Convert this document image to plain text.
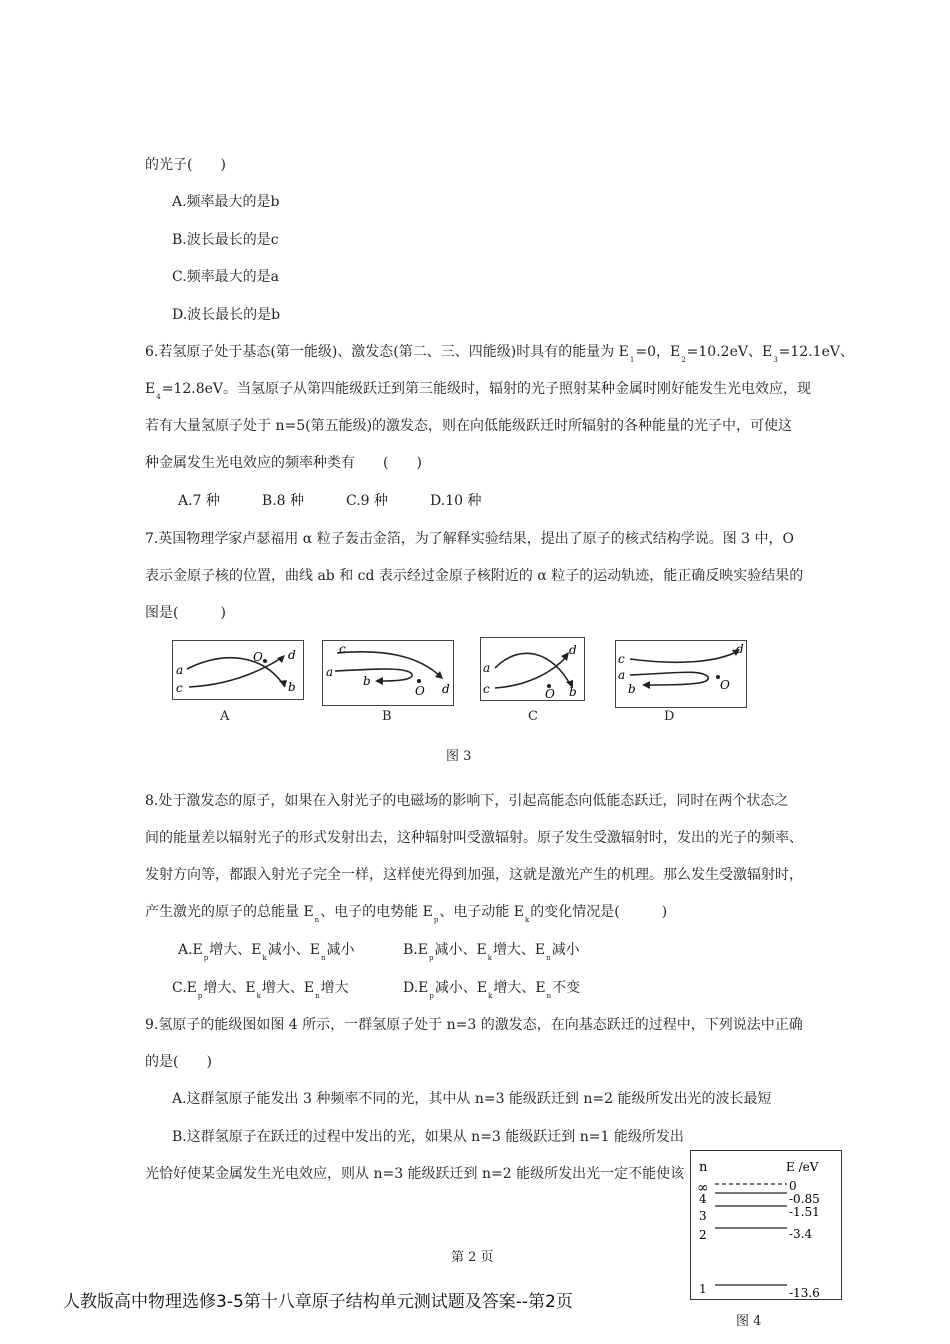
的光子(　　)
A.频率最大的是b
B.波长最长的是c
C.频率最大的是a
D.波长最长的是b
6.若氢原子处于基态(第一能级)、激发态(第二、三、四能级)时具有的能量为 $E_1=0$，$E_2=10.2eV$、$E_3=12.1eV$、
$E_4=12.8eV$。当氢原子从第四能级跃迁到第三能级时，辐射的光子照射某种金属时刚好能发生光电效应，现
若有大量氢原子处于 n=5(第五能级)的激发态，则在向低能级跃迁时所辐射的各种能量的光子中，可使这
种金属发生光电效应的频率种类有　　(　　)
A.7 种　　　B.8 种　　　C.9 种　　　D.10 种
7.英国物理学家卢瑟福用 α 粒子轰击金箔，为了解释实验结果，提出了原子的核式结构学说。图 3 中，O
表示金原子核的位置，曲线 ab 和 cd 表示经过金原子核附近的 α 粒子的运动轨迹，能正确反映实验结果的
图是(　　　)
a
c
O d
b
c
a
b
O d
a
c	O
d
b
c
a
b	O
d
A	B	C	D
图 3
8.处于激发态的原子，如果在入射光子的电磁场的影响下，引起高能态向低能态跃迁，同时在两个状态之
间的能量差以辐射光子的形式发射出去，这种辐射叫受激辐射。原子发生受激辐射时，发出的光子的频率、
发射方向等，都跟入射光子完全一样，这样使光得到加强，这就是激光产生的机理。那么发生受激辐射时，
产生激光的原子的总能量 $E_n$、电子的电势能 $E_p$、电子动能 $E_k$的变化情况是(　　　)
$A.E_p$增大、$E_k$减小、$E_n$减小	$B.E_p$减小、$E_k$增大、$E_n$减小
$C.E_p$增大、$E_k$增大、$E_n$增大	$D.E_p$减小、$E_k$增大、$E_n$不变
9.氢原子的能级图如图 4 所示，一群氢原子处于 n=3 的激发态，在向基态跃迁的过程中，下列说法中正确
的是(　　)
A.这群氢原子能发出 3 种频率不同的光，其中从 n=3 能级跃迁到 n=2 能级所发出光的波长最短
B.这群氢原子在跃迁的过程中发出的光，如果从 n=3 能级跃迁到 n=1 能级所发出
光恰好使某金属发生光电效应，则从 n=3 能级跃迁到 n=2 能级所发出光一定不能使该 n	E /eV
∞	0
4	-0.85
3	-1.51
2	-3.4
1	-13.6
图 4
第 2 页
人教版高中物理选修3-5第十八章原子结构单元测试题及答案--第2页
